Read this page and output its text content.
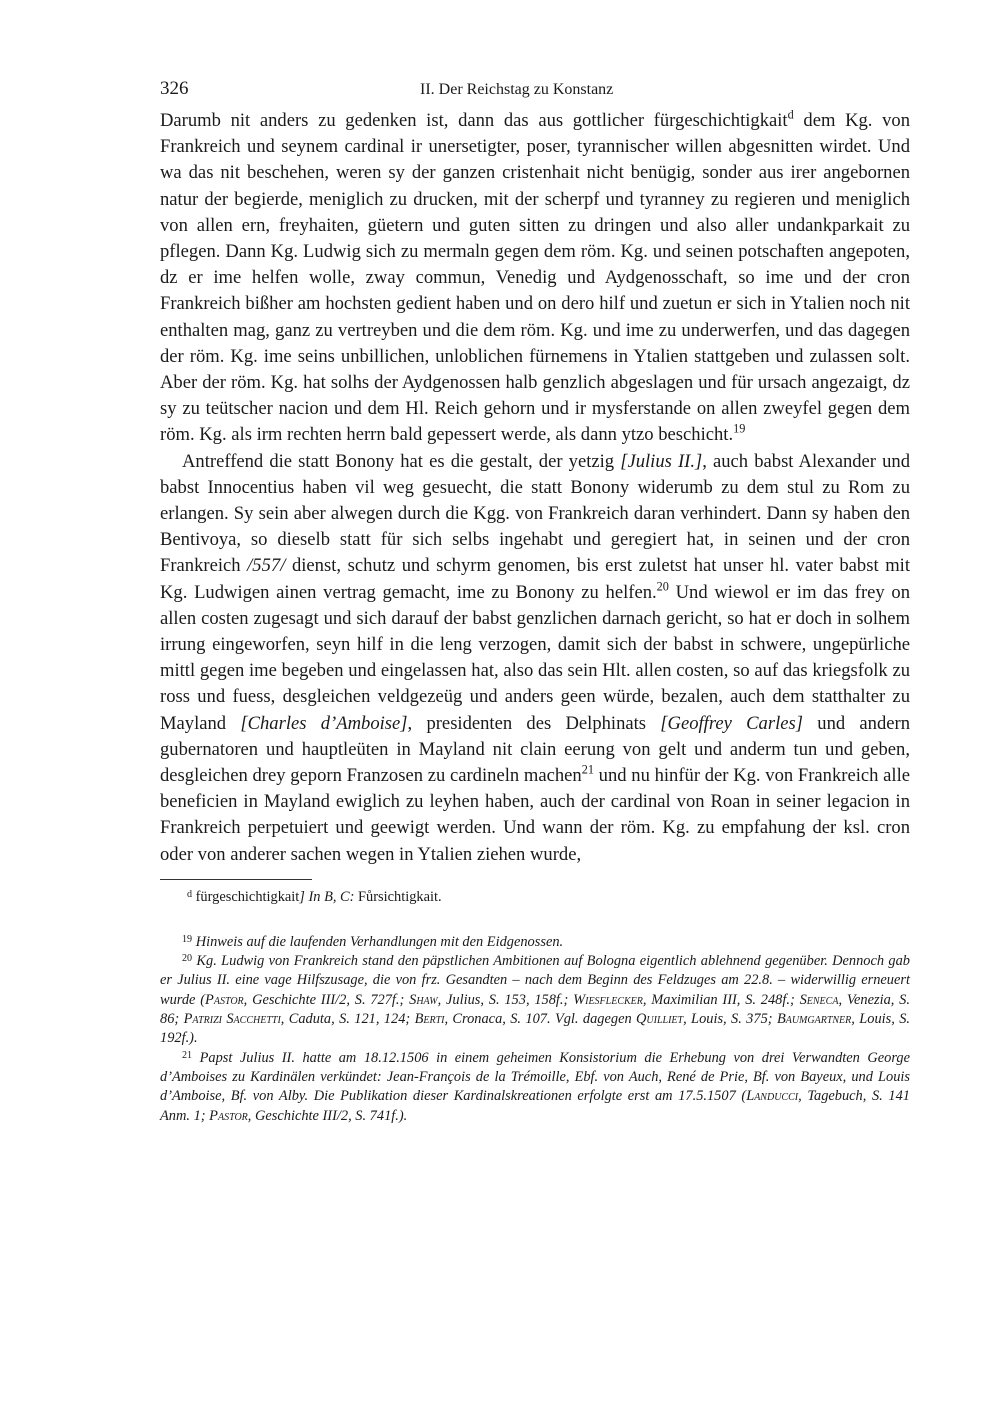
326	II. Der Reichstag zu Konstanz

Darumb nit anders zu gedenken ist, dann das aus gottlicher fürgeschichtigkait$^d$ dem Kg. von Frankreich und seynem cardinal ir unersetigter, poser, tyrannischer willen abgesnitten wirdet. Und wa das nit beschehen, weren sy der ganzen cristenhait nicht benügig, sonder aus irer angebornen natur der begierde, meniglich zu drucken, mit der scherpf und tyranney zu regieren und meniglich von allen ern, freyhaiten, güetern und guten sitten zu dringen und also aller undankparkait zu pflegen. Dann Kg. Ludwig sich zu mermaln gegen dem röm. Kg. und seinen potschaften angepoten, dz er ime helfen wolle, zway commun, Venedig und Aydgenosschaft, so ime und der cron Frankreich bißher am hochsten gedient haben und on dero hilf und zuetun er sich in Ytalien noch nit enthalten mag, ganz zu vertreyben und die dem röm. Kg. und ime zu underwerfen, und das dagegen der röm. Kg. ime seins unbillichen, unloblichen fürnemens in Ytalien stattgeben und zulassen solt. Aber der röm. Kg. hat solhs der Aydgenossen halb genzlich abgeslagen und für ursach angezaigt, dz sy zu teütscher nacion und dem Hl. Reich gehorn und ir mysferstande on allen zweyfel gegen dem röm. Kg. als irm rechten herrn bald gepessert werde, als dann ytzo beschicht.$^{19}$

Antreffend die statt Bonony hat es die gestalt, der yetzig [Julius II.], auch babst Alexander und babst Innocentius haben vil weg gesuecht, die statt Bonony widerumb zu dem stul zu Rom zu erlangen. Sy sein aber alwegen durch die Kgg. von Frankreich daran verhindert. Dann sy haben den Bentivoya, so dieselb statt für sich selbs ingehabt und geregiert hat, in seinen und der cron Frankreich /557/ dienst, schutz und schyrm genomen, bis erst zuletst hat unser hl. vater babst mit Kg. Ludwigen ainen vertrag gemacht, ime zu Bonony zu helfen.$^{20}$ Und wiewol er im das frey on allen costen zugesagt und sich darauf der babst genzlichen darnach gericht, so hat er doch in solhem irrung eingeworfen, seyn hilf in die leng verzogen, damit sich der babst in schwere, ungepürliche mittl gegen ime begeben und eingelassen hat, also das sein Hlt. allen costen, so auf das kriegsfolk zu ross und fuess, desgleichen veldgezeüg und anders geen würde, bezalen, auch dem statthalter zu Mayland [Charles d’Amboise], presidenten des Delphinats [Geoffrey Carles] und andern gubernatoren und hauptleüten in Mayland nit clain eerung von gelt und anderm tun und geben, desgleichen drey geporn Franzosen zu cardineln machen$^{21}$ und nu hinfür der Kg. von Frankreich alle beneficien in Mayland ewiglich zu leyhen haben, auch der cardinal von Roan in seiner legacion in Frankreich perpetuiert und geewigt werden. Und wann der röm. Kg. zu empfahung der ksl. cron oder von anderer sachen wegen in Ytalien ziehen wurde,

$^d$ fürgeschichtigkait] In B, C: Fůrsichtigkait.

$^{19}$ Hinweis auf die laufenden Verhandlungen mit den Eidgenossen.

$^{20}$ Kg. Ludwig von Frankreich stand den päpstlichen Ambitionen auf Bologna eigentlich ablehnend gegenüber. Dennoch gab er Julius II. eine vage Hilfszusage, die von frz. Gesandten – nach dem Beginn des Feldzuges am 22.8. – widerwillig erneuert wurde (Pastor, Geschichte III/2, S. 727f.; Shaw, Julius, S. 153, 158f.; Wiesflecker, Maximilian III, S. 248f.; Seneca, Venezia, S. 86; Patrizi Sacchetti, Caduta, S. 121, 124; Berti, Cronaca, S. 107. Vgl. dagegen Quilliet, Louis, S. 375; Baumgartner, Louis, S. 192f.).

$^{21}$ Papst Julius II. hatte am 18.12.1506 in einem geheimen Konsistorium die Erhebung von drei Verwandten George d’Amboises zu Kardinälen verkündet: Jean-François de la Trémoille, Ebf. von Auch, René de Prie, Bf. von Bayeux, und Louis d’Amboise, Bf. von Alby. Die Publikation dieser Kardinalskreationen erfolgte erst am 17.5.1507 (Landucci, Tagebuch, S. 141 Anm. 1; Pastor, Geschichte III/2, S. 741f.).
